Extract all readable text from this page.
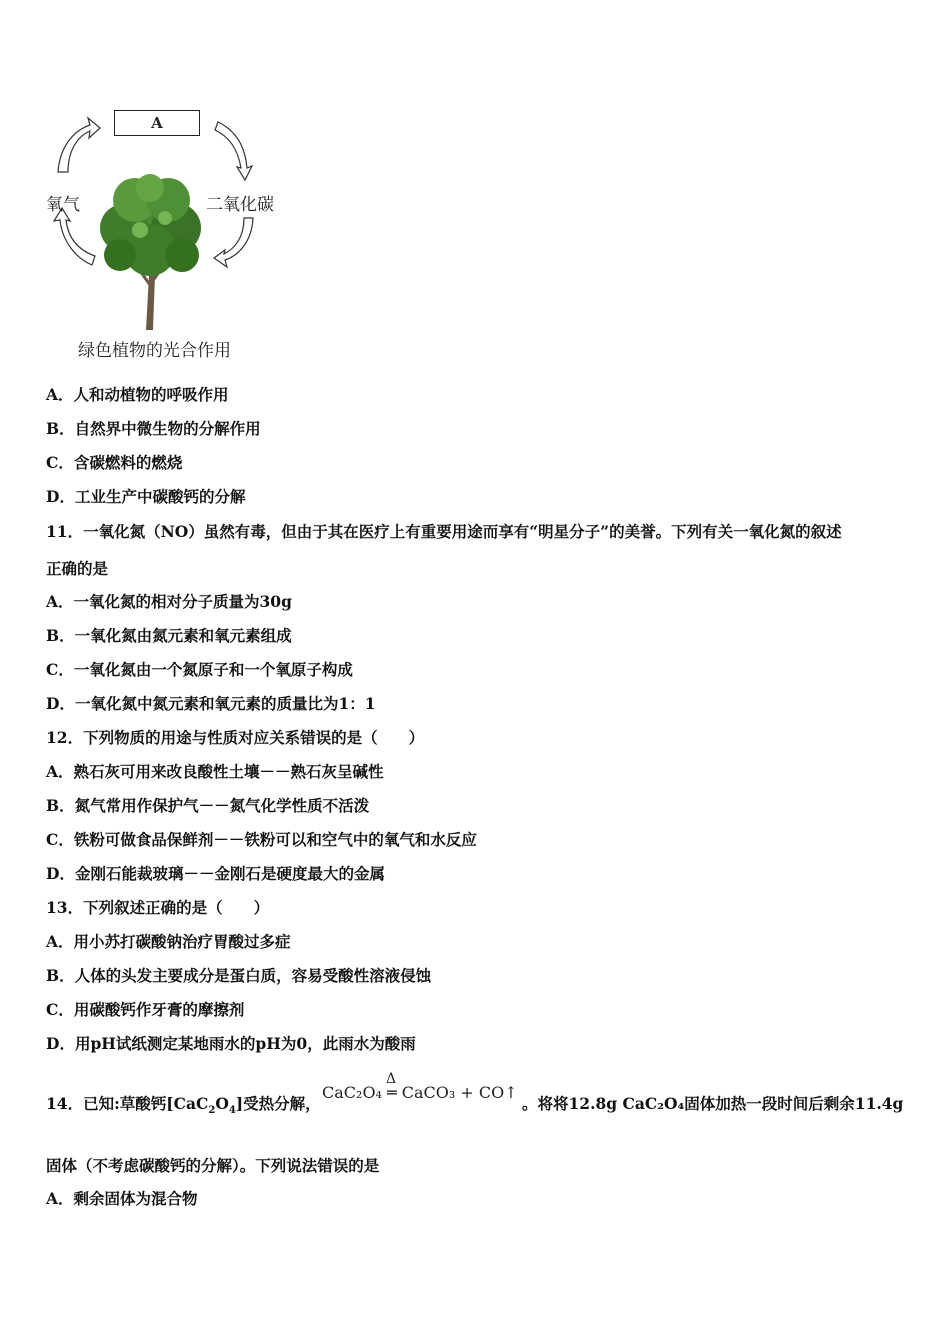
A
氧气	二氧化碳
绿色植物的光合作用
A．人和动植物的呼吸作用
B．自然界中微生物的分解作用
C．含碳燃料的燃烧
D．工业生产中碳酸钙的分解
11．一氧化氮（NO）虽然有毒，但由于其在医疗上有重要用途而享有“明星分子”的美誉。下列有关一氧化氮的叙述
正确的是
A．一氧化氮的相对分子质量为30g
B．一氧化氮由氮元素和氧元素组成
C．一氧化氮由一个氮原子和一个氧原子构成
D．一氧化氮中氮元素和氧元素的质量比为1：1
12．下列物质的用途与性质对应关系错误的是（　　）
A．熟石灰可用来改良酸性土壤－－熟石灰呈碱性
B．氮气常用作保护气－－氮气化学性质不活泼
C．铁粉可做食品保鲜剂－－铁粉可以和空气中的氧气和水反应
D．金刚石能裁玻璃－－金刚石是硬度最大的金属
13．下列叙述正确的是（　　）
A．用小苏打碳酸钠治疗胃酸过多症
B．人体的头发主要成分是蛋白质，容易受酸性溶液侵蚀
C．用碳酸钙作牙膏的摩擦剂
D．用pH试纸测定某地雨水的pH为0，此雨水为酸雨
14．已知:草酸钙$[CaC_2O_4]$受热分解，
Δ
CaC₂O₄ ═ CaCO₃ + CO↑
。将将12.8g CaC₂O₄固体加热一段时间后剩余11.4g
固体（不考虑碳酸钙的分解）。下列说法错误的是
A．剩余固体为混合物
